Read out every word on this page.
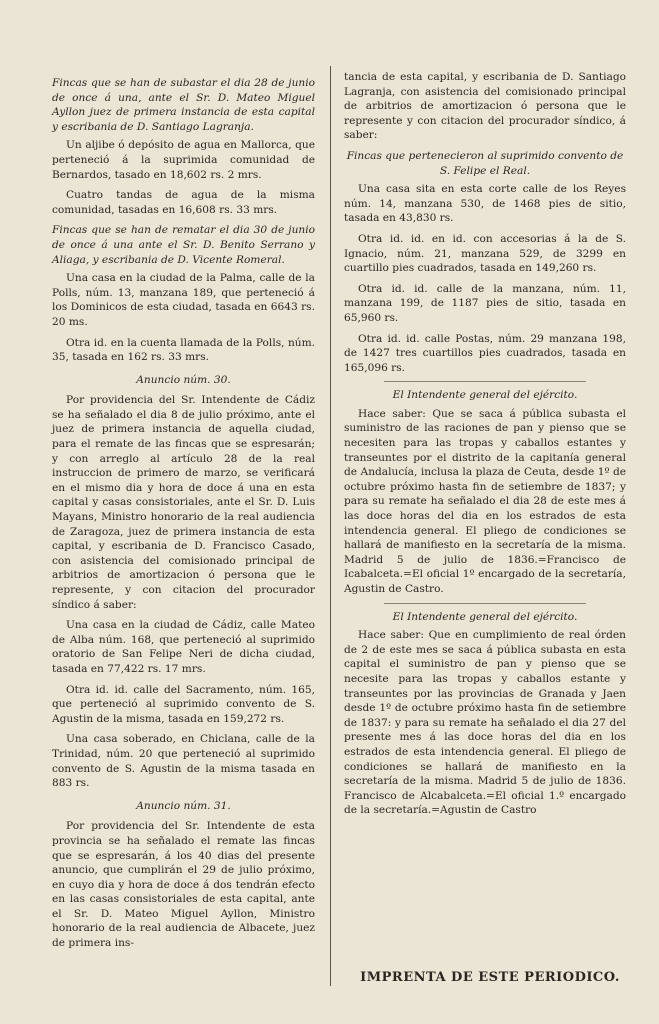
Fincas que se han de subastar el dia 28 de junio de once á una, ante el Sr. D. Mateo Miguel Ayllon juez de primera instancia de esta capital y escribania de D. Santiago Lagranja.

Un aljibe ó depósito de agua en Mallorca, que perteneció á la suprimida comunidad de Bernardos, tasado en 18,602 rs. 2 mrs.

Cuatro tandas de agua de la misma comunidad, tasadas en 16,608 rs. 33 mrs.

Fincas que se han de rematar el dia 30 de junio de once á una ante el Sr. D. Benito Serrano y Aliaga, y escribania de D. Vicente Romeral.

Una casa en la ciudad de la Palma, calle de la Polls, núm. 13, manzana 189, que perteneció á los Dominicos de esta ciudad, tasada en 6643 rs. 20 ms.

Otra id. en la cuenta llamada de la Polls, núm. 35, tasada en 162 rs. 33 mrs.

Anuncio núm. 30.

Por providencia del Sr. Intendente de Cádiz se ha señalado el dia 8 de julio próximo, ante el juez de primera instancia de aquella ciudad, para el remate de las fincas que se espresarán; y con arreglo al artículo 28 de la real instruccion de primero de marzo, se verificará en el mismo dia y hora de doce á una en esta capital y casas consistoriales, ante el Sr. D. Luis Mayans, Ministro honorario de la real audiencia de Zaragoza, juez de primera instancia de esta capital, y escribania de D. Francisco Casado, con asistencia del comisionado principal de arbitrios de amortizacion ó persona que le represente, y con citacion del procurador síndico á saber:

Una casa en la ciudad de Cádiz, calle Mateo de Alba núm. 168, que perteneció al suprimido oratorio de San Felipe Neri de dicha ciudad, tasada en 77,422 rs. 17 mrs.

Otra id. id. calle del Sacramento, núm. 165, que perteneció al suprimido convento de S. Agustin de la misma, tasada en 159,272 rs.

Una casa soberado, en Chiclana, calle de la Trinidad, núm. 20 que perteneció al suprimido convento de S. Agustin de la misma tasada en 883 rs.

Anuncio núm. 31.

Por providencia del Sr. Intendente de esta provincia se ha señalado el remate las fincas que se espresarán, á los 40 dias del presente anuncio, que cumplirán el 29 de julio próximo, en cuyo dia y hora de doce á dos tendrán efecto en las casas consistoriales de esta capital, ante el Sr. D. Mateo Miguel Ayllon, Ministro honorario de la real audiencia de Albacete, juez de primera ins-

tancia de esta capital, y escribania de D. Santiago Lagranja, con asistencia del comisionado principal de arbitrios de amortizacion ó persona que le represente y con citacion del procurador síndico, á saber:

Fincas que pertenecieron al suprimido convento de S. Felipe el Real.

Una casa sita en esta corte calle de los Reyes núm. 14, manzana 530, de 1468 pies de sitio, tasada en 43,830 rs.

Otra id. id. en id. con accesorias á la de S. Ignacio, núm. 21, manzana 529, de 3299 en cuartillo pies cuadrados, tasada en 149,260 rs.

Otra id. id. calle de la manzana, núm. 11, manzana 199, de 1187 pies de sitio, tasada en 65,960 rs.

Otra id. id. calle Postas, núm. 29 manzana 198, de 1427 tres cuartillos pies cuadrados, tasada en 165,096 rs.

El Intendente general del ejército.

Hace saber: Que se saca á pública subasta el suministro de las raciones de pan y pienso que se necesiten para las tropas y caballos estantes y transeuntes por el distrito de la capitanía general de Andalucía, inclusa la plaza de Ceuta, desde 1º de octubre próximo hasta fin de setiembre de 1837; y para su remate ha señalado el dia 28 de este mes á las doce horas del dia en los estrados de esta intendencia general. El pliego de condiciones se hallará de manifiesto en la secretaría de la misma. Madrid 5 de julio de 1836.=Francisco de Icabalceta.=El oficial 1º encargado de la secretaría, Agustin de Castro.

El Intendente general del ejército.

Hace saber: Que en cumplimiento de real órden de 2 de este mes se saca á pública subasta en esta capital el suministro de pan y pienso que se necesite para las tropas y caballos estante y transeuntes por las provincias de Granada y Jaen desde 1º de octubre próximo hasta fin de setiembre de 1837: y para su remate ha señalado el dia 27 del presente mes á las doce horas del dia en los estrados de esta intendencia general. El pliego de condiciones se hallará de manifiesto en la secretaría de la misma. Madrid 5 de julio de 1836. Francisco de Alcabalceta.=El oficial 1.º encargado de la secretaría.=Agustin de Castro

IMPRENTA DE ESTE PERIODICO.
